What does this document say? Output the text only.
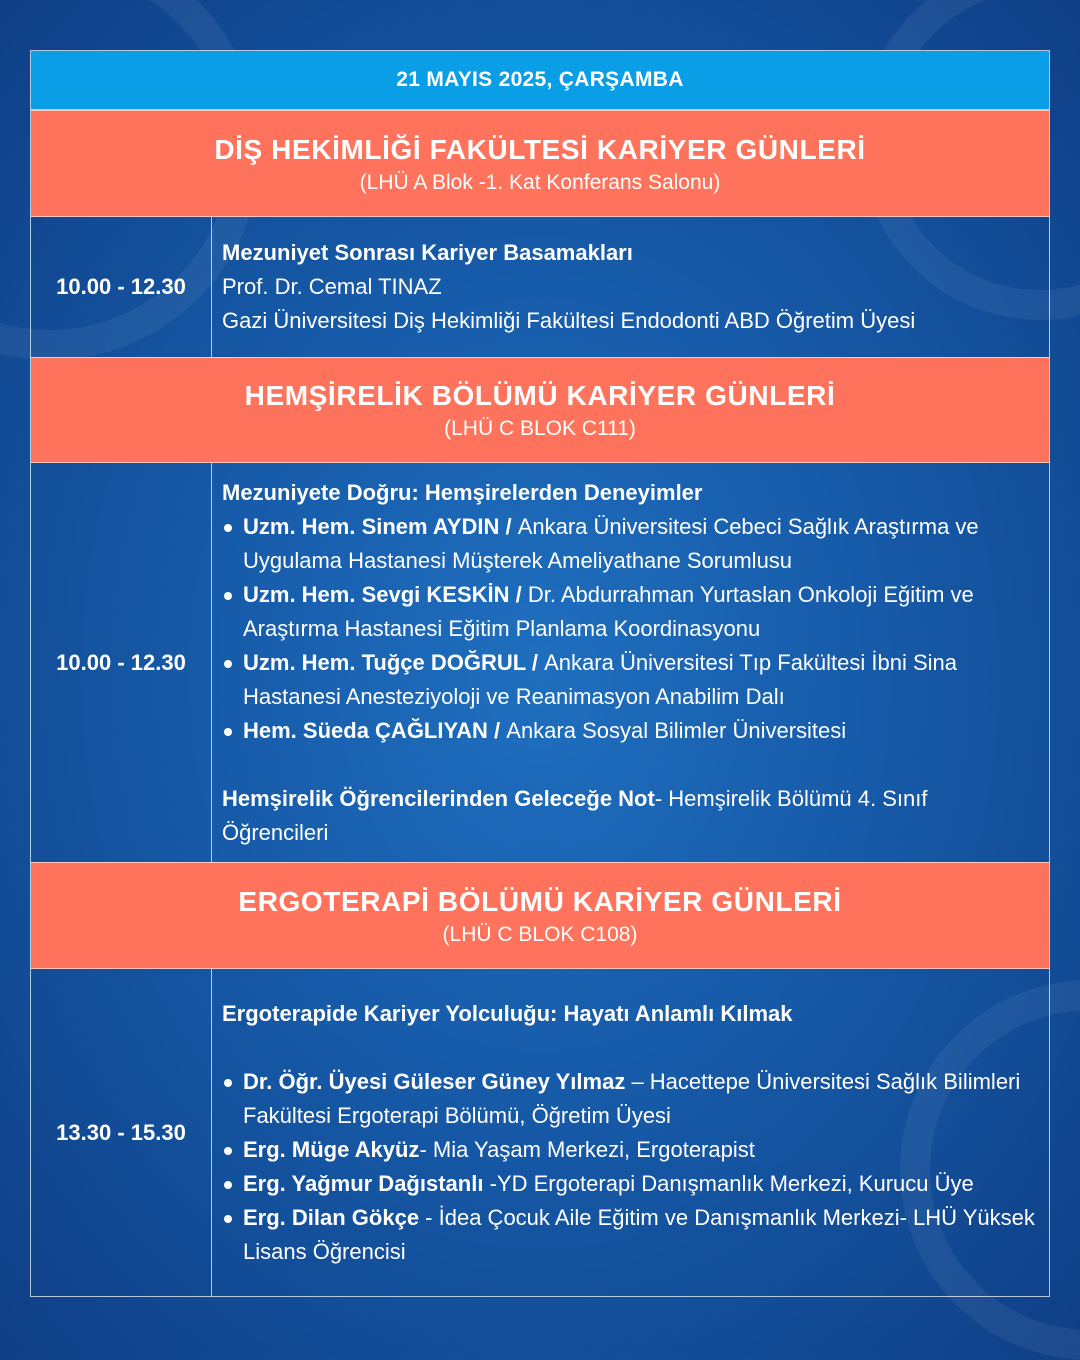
21 MAYIS 2025, ÇARŞAMBA
DİŞ HEKİMLİĞİ FAKÜLTESİ KARİYER GÜNLERİ
(LHÜ A Blok -1. Kat Konferans Salonu)
10.00 - 12.30
Mezuniyet Sonrası Kariyer Basamakları
Prof. Dr. Cemal TINAZ
Gazi Üniversitesi Diş Hekimliği Fakültesi Endodonti ABD Öğretim Üyesi
HEMŞİRELİK BÖLÜMÜ KARİYER GÜNLERİ
(LHÜ C BLOK C111)
10.00 - 12.30
Mezuniyete Doğru: Hemşirelerden Deneyimler
Uzm. Hem. Sinem AYDIN / Ankara Üniversitesi Cebeci Sağlık Araştırma ve Uygulama Hastanesi Müşterek Ameliyathane Sorumlusu
Uzm. Hem. Sevgi KESKİN / Dr. Abdurrahman Yurtaslan Onkoloji Eğitim ve Araştırma Hastanesi Eğitim Planlama Koordinasyonu
Uzm. Hem. Tuğçe DOĞRUL / Ankara Üniversitesi Tıp Fakültesi İbni Sina Hastanesi Anesteziyoloji ve Reanimasyon Anabilim Dalı
Hem. Süeda ÇAĞLIYAN / Ankara Sosyal Bilimler Üniversitesi
Hemşirelik Öğrencilerinden Geleceğe Not- Hemşirelik Bölümü 4. Sınıf Öğrencileri
ERGOTERAPİ BÖLÜMÜ KARİYER GÜNLERİ
(LHÜ C BLOK C108)
13.30 - 15.30
Ergoterapide Kariyer Yolculuğu: Hayatı Anlamlı Kılmak
Dr. Öğr. Üyesi Güleser Güney Yılmaz – Hacettepe Üniversitesi Sağlık Bilimleri Fakültesi Ergoterapi Bölümü, Öğretim Üyesi
Erg. Müge Akyüz- Mia Yaşam Merkezi, Ergoterapist
Erg. Yağmur Dağıstanlı -YD Ergoterapi Danışmanlık Merkezi, Kurucu Üye
Erg. Dilan Gökçe - İdea Çocuk Aile Eğitim ve Danışmanlık Merkezi- LHÜ Yüksek Lisans Öğrencisi
